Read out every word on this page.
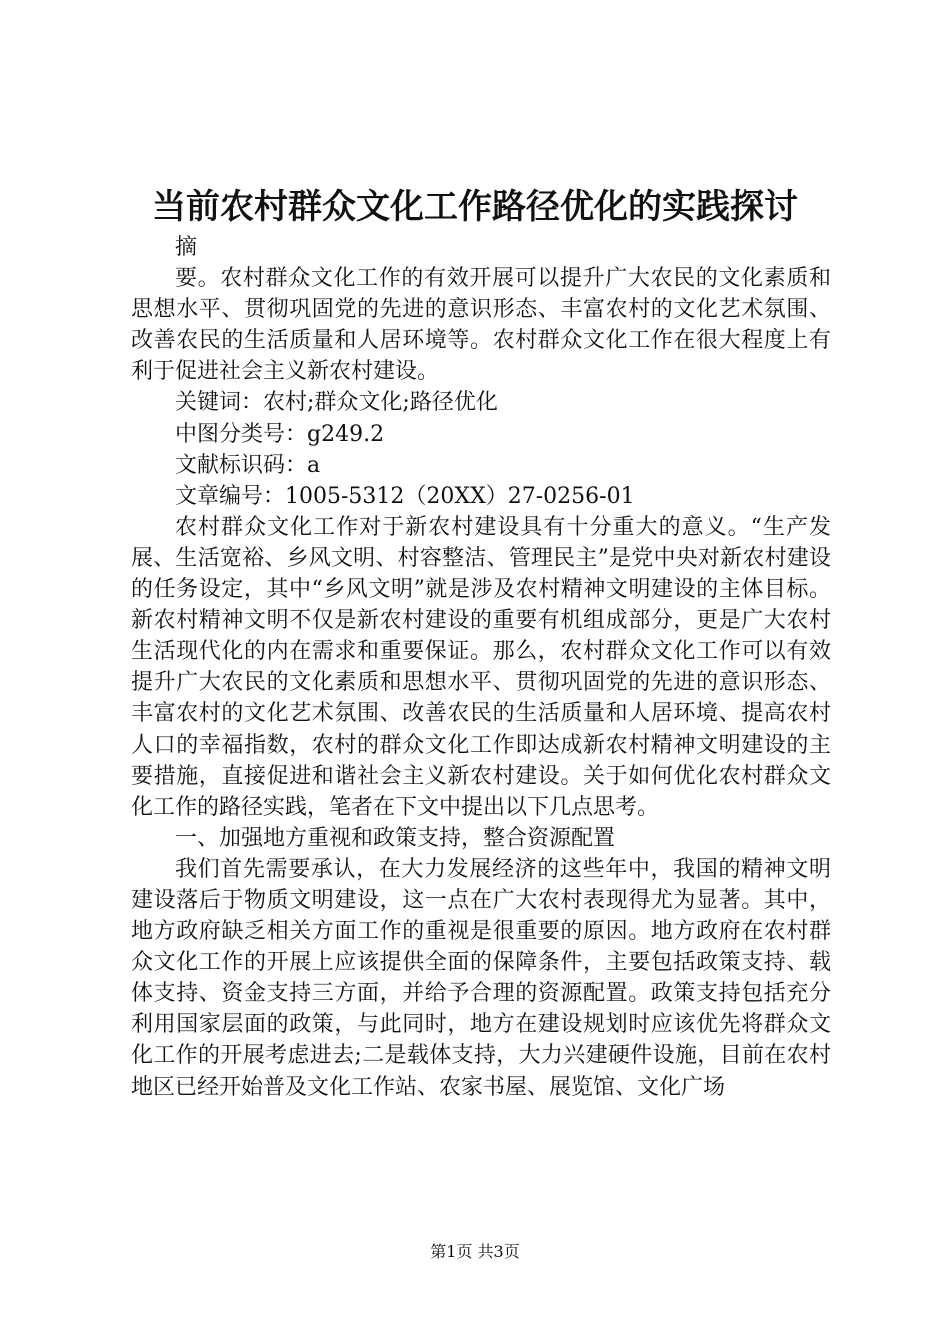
当前农村群众文化工作路径优化的实践探讨

摘

要。农村群众文化工作的有效开展可以提升广大农民的文化素质和思想水平、贯彻巩固党的先进的意识形态、丰富农村的文化艺术氛围、改善农民的生活质量和人居环境等。农村群众文化工作在很大程度上有利于促进社会主义新农村建设。

关键词：农村;群众文化;路径优化

中图分类号：g249.2

文献标识码：a

文章编号：1005-5312（20XX）27-0256-01

农村群众文化工作对于新农村建设具有十分重大的意义。“生产发展、生活宽裕、乡风文明、村容整洁、管理民主”是党中央对新农村建设的任务设定，其中“乡风文明”就是涉及农村精神文明建设的主体目标。新农村精神文明不仅是新农村建设的重要有机组成部分，更是广大农村生活现代化的内在需求和重要保证。那么，农村群众文化工作可以有效提升广大农民的文化素质和思想水平、贯彻巩固党的先进的意识形态、丰富农村的文化艺术氛围、改善农民的生活质量和人居环境、提高农村人口的幸福指数，农村的群众文化工作即达成新农村精神文明建设的主要措施，直接促进和谐社会主义新农村建设。关于如何优化农村群众文化工作的路径实践，笔者在下文中提出以下几点思考。

一、加强地方重视和政策支持，整合资源配置

我们首先需要承认，在大力发展经济的这些年中，我国的精神文明建设落后于物质文明建设，这一点在广大农村表现得尤为显著。其中，地方政府缺乏相关方面工作的重视是很重要的原因。地方政府在农村群众文化工作的开展上应该提供全面的保障条件，主要包括政策支持、载体支持、资金支持三方面，并给予合理的资源配置。政策支持包括充分利用国家层面的政策，与此同时，地方在建设规划时应该优先将群众文化工作的开展考虑进去;二是载体支持，大力兴建硬件设施，目前在农村地区已经开始普及文化工作站、农家书屋、展览馆、文化广场

第1页 共3页
